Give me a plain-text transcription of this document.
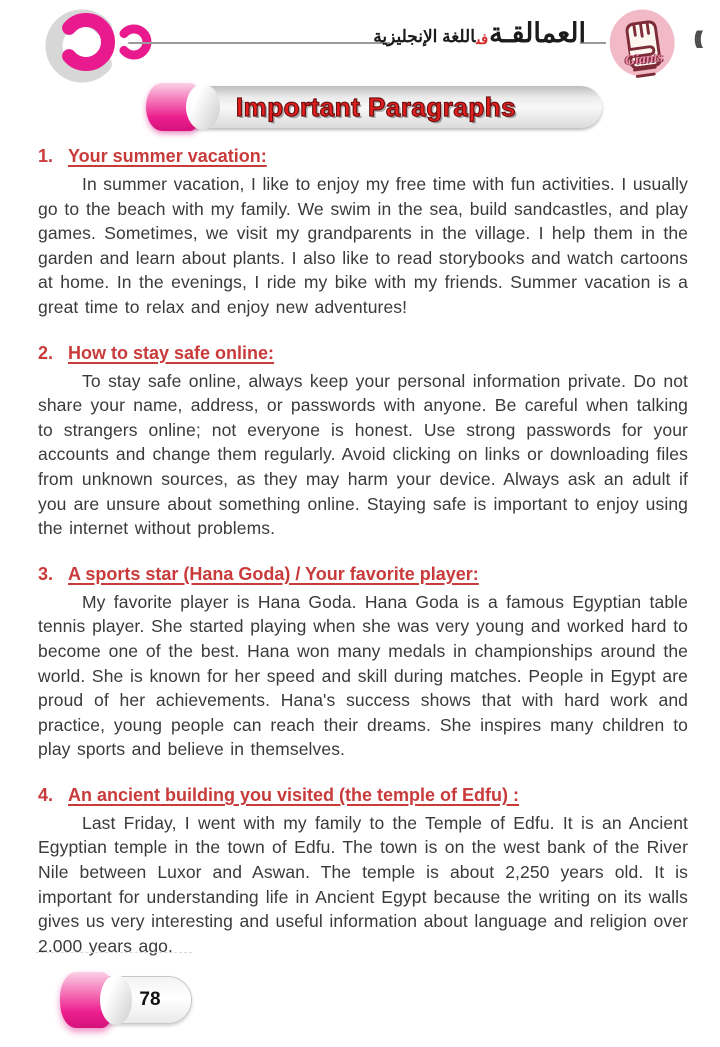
العمالقـةفىاللغة الإنجليزية
Giants
(((
Important Paragraphs
1. Your summer vacation:

In summer vacation, I like to enjoy my free time with fun activities. I usually go to the beach with my family. We swim in the sea, build sandcastles, and play games. Sometimes, we visit my grandparents in the village. I help them in the garden and learn about plants. I also like to read storybooks and watch cartoons at home. In the evenings, I ride my bike with my friends. Summer vacation is a great time to relax and enjoy new adventures!

2. How to stay safe online:

To stay safe online, always keep your personal information private. Do not share your name, address, or passwords with anyone. Be careful when talking to strangers online; not everyone is honest. Use strong passwords for your accounts and change them regularly. Avoid clicking on links or downloading files from unknown sources, as they may harm your device. Always ask an adult if you are unsure about something online. Staying safe is important to enjoy using the internet without problems.

3. A sports star (Hana Goda) / Your favorite player:

My favorite player is Hana Goda. Hana Goda is a famous Egyptian table tennis player. She started playing when she was very young and worked hard to become one of the best. Hana won many medals in championships around the world. She is known for her speed and skill during matches. People in Egypt are proud of her achievements. Hana's success shows that with hard work and practice, young people can reach their dreams. She inspires many children to play sports and believe in themselves.

4. An ancient building you visited (the temple of Edfu) :

Last Friday, I went with my family to the Temple of Edfu. It is an Ancient Egyptian temple in the town of Edfu. The town is on the west bank of the River Nile between Luxor and Aswan. The temple is about 2,250 years old. It is important for understanding life in Ancient Egypt because the writing on its walls gives us very interesting and useful information about language and religion over 2.000 years ago.

78
